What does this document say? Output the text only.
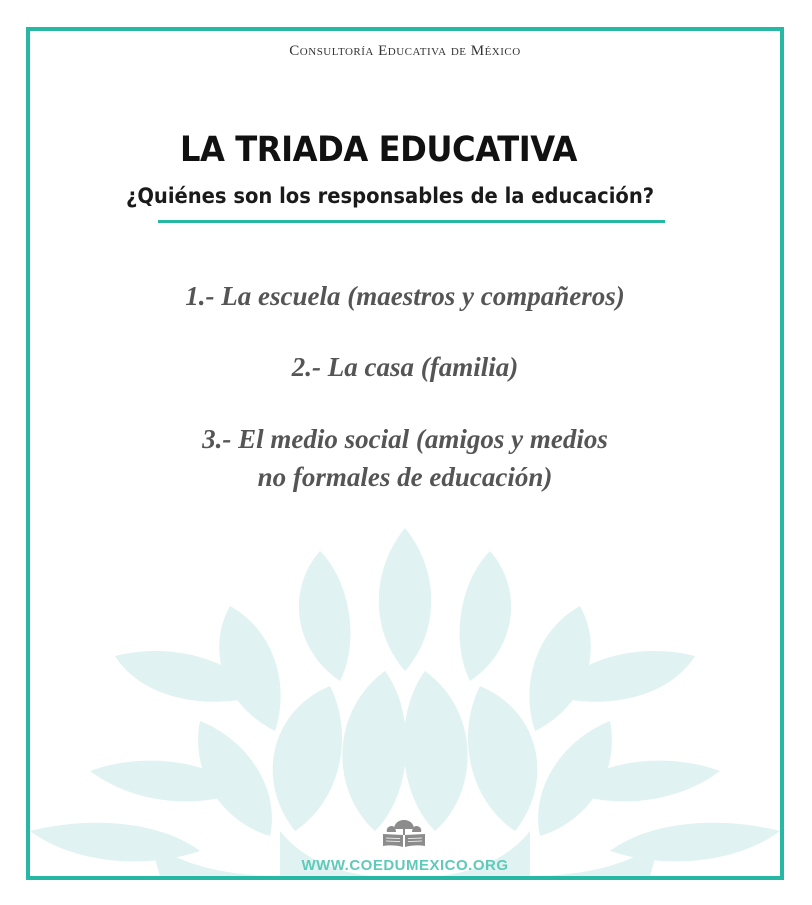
Consultoría Educativa de México
LA TRIADA EDUCATIVA
¿Quiénes son los responsables de la educación?
1.- La escuela (maestros y compañeros)
2.- La casa (familia)
3.- El medio social (amigos y medios
no formales de educación)
WWW.COEDUMEXICO.ORG
